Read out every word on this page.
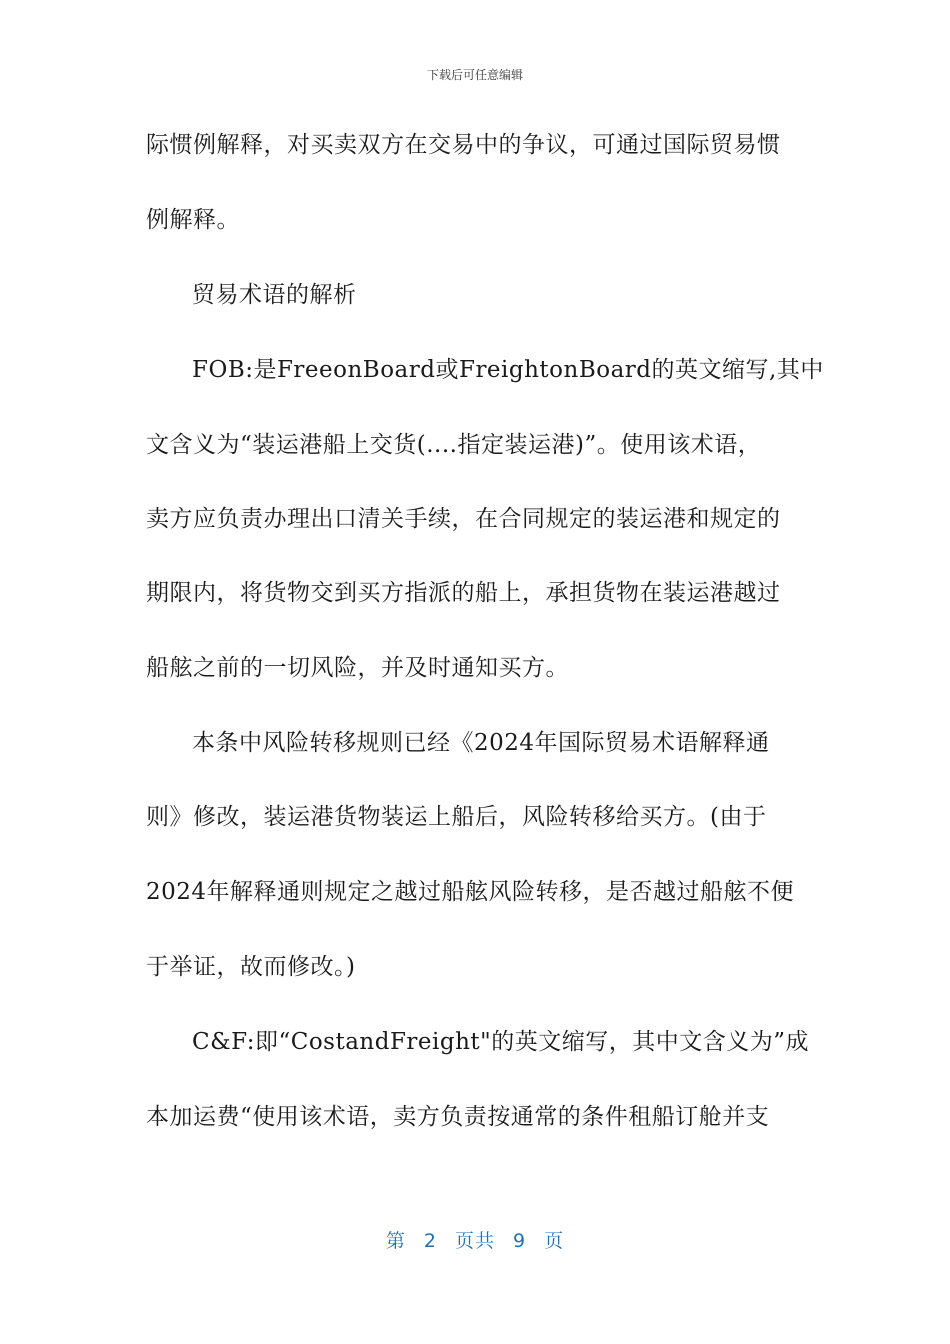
下载后可任意编辑
际惯例解释，对买卖双方在交易中的争议，可通过国际贸易惯
例解释。
贸易术语的解析
FOB:是FreeonBoard或FreightonBoard的英文缩写,其中
文含义为“装运港船上交货(....指定装运港)”。使用该术语，
卖方应负责办理出口清关手续，在合同规定的装运港和规定的
期限内，将货物交到买方指派的船上，承担货物在装运港越过
船舷之前的一切风险，并及时通知买方。
本条中风险转移规则已经《2024年国际贸易术语解释通
则》修改，装运港货物装运上船后，风险转移给买方。(由于
2024年解释通则规定之越过船舷风险转移，是否越过船舷不便
于举证，故而修改。)
C&F:即“CostandFreight"的英文缩写，其中文含义为”成
本加运费“使用该术语，卖方负责按通常的条件租船订舱并支
第 2 页共 9 页
